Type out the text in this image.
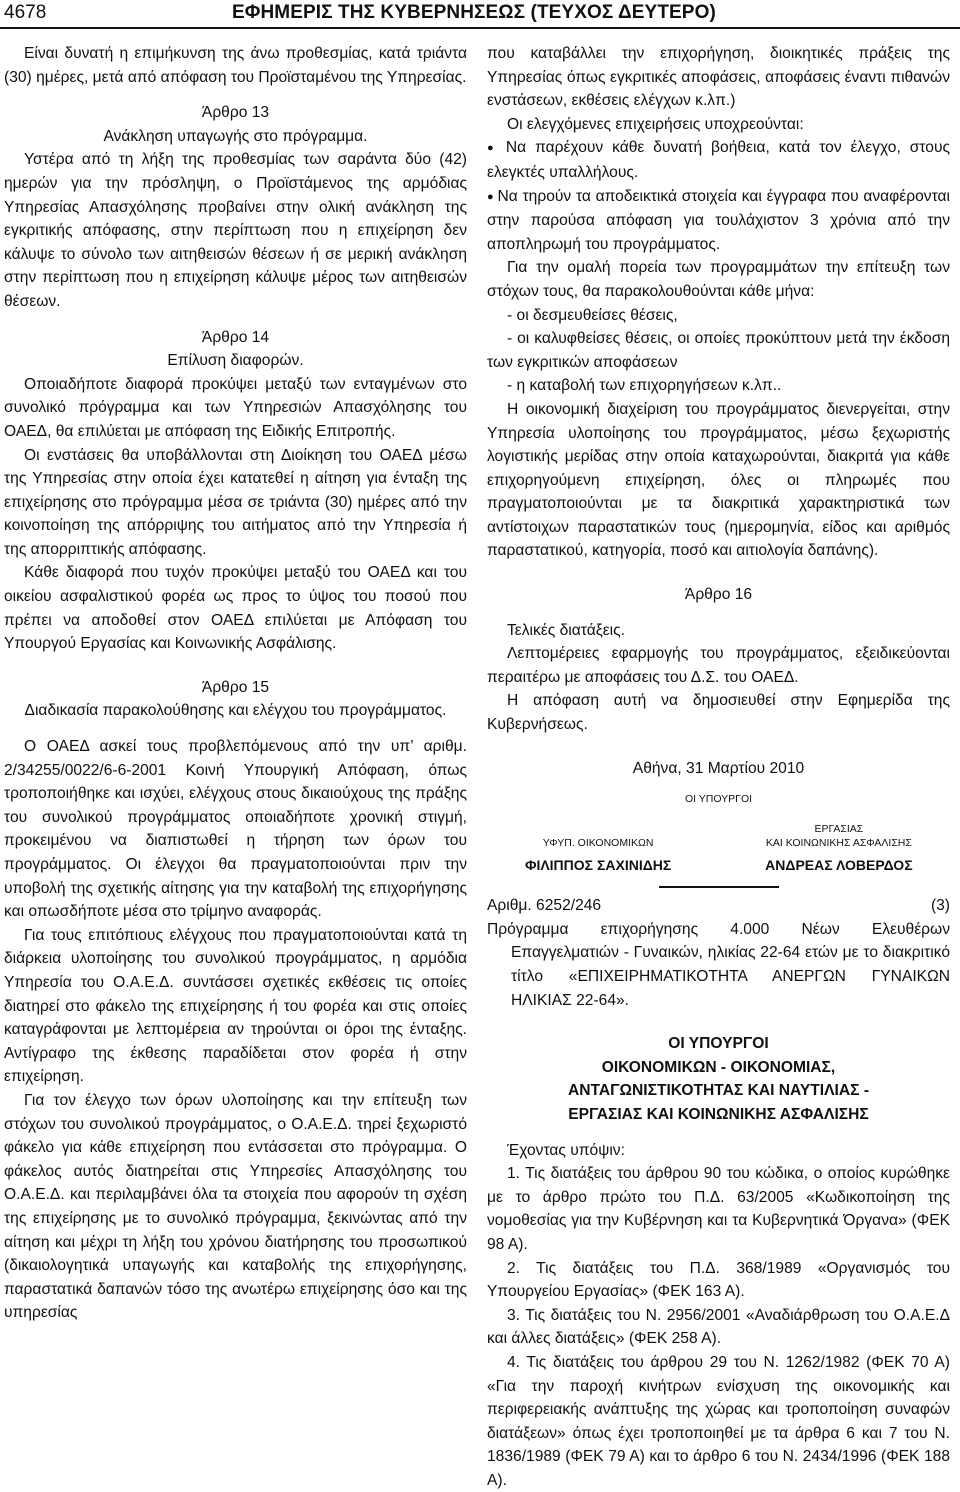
4678	ΕΦΗΜΕΡΙΣ ΤΗΣ ΚΥΒΕΡΝΗΣΕΩΣ (ΤΕΥΧΟΣ ΔΕΥΤΕΡΟ)

Είναι δυνατή η επιμήκυνση της άνω προθεσμίας, κατά τριάντα (30) ημέρες, μετά από απόφαση του Προϊσταμένου της Υπηρεσίας.

Άρθρο 13

Ανάκληση υπαγωγής στο πρόγραμμα.

Υστέρα από τη λήξη της προθεσμίας των σαράντα δύο (42) ημερών για την πρόσληψη, ο Προϊστάμενος της αρμόδιας Υπηρεσίας Απασχόλησης προβαίνει στην ολική ανάκληση της εγκριτικής απόφασης, στην περίπτωση που η επιχείρηση δεν κάλυψε το σύνολο των αιτηθεισών θέσεων ή σε μερική ανάκληση στην περίπτωση που η επιχείρηση κάλυψε μέρος των αιτηθεισών θέσεων.

Άρθρο 14

Επίλυση διαφορών.

Οποιαδήποτε διαφορά προκύψει μεταξύ των ενταγμένων στο συνολικό πρόγραμμα και των Υπηρεσιών Απασχόλησης του ΟΑΕΔ, θα επιλύεται με απόφαση της Ειδικής Επιτροπής.

Οι ενστάσεις θα υποβάλλονται στη Διοίκηση του ΟΑΕΔ μέσω της Υπηρεσίας στην οποία έχει κατατεθεί η αίτηση για ένταξη της επιχείρησης στο πρόγραμμα μέσα σε τριάντα (30) ημέρες από την κοινοποίηση της απόρριψης του αιτήματος από την Υπηρεσία ή της απορριπτικής απόφασης.

Κάθε διαφορά που τυχόν προκύψει μεταξύ του ΟΑΕΔ και του οικείου ασφαλιστικού φορέα ως προς το ύψος του ποσού που πρέπει να αποδοθεί στον ΟΑΕΔ επιλύεται με Απόφαση του Υπουργού Εργασίας και Κοινωνικής Ασφάλισης.

Άρθρο 15

Διαδικασία παρακολούθησης και ελέγχου του προγράμματος.

Ο ΟΑΕΔ ασκεί τους προβλεπόμενους από την υπ’ αριθμ. 2/34255/0022/6-6-2001 Κοινή Υπουργική Απόφαση, όπως τροποποιήθηκε και ισχύει, ελέγχους στους δικαιούχους της πράξης του συνολικού προγράμματος οποιαδήποτε χρονική στιγμή, προκειμένου να διαπιστωθεί η τήρηση των όρων του προγράμματος. Οι έλεγχοι θα πραγματοποιούνται πριν την υποβολή της σχετικής αίτησης για την καταβολή της επιχορήγησης και οπωσδήποτε μέσα στο τρίμηνο αναφοράς.

Για τους επιτόπιους ελέγχους που πραγματοποιούνται κατά τη διάρκεια υλοποίησης του συνολικού προγράμματος, η αρμόδια Υπηρεσία του Ο.Α.Ε.Δ. συντάσσει σχετικές εκθέσεις τις οποίες διατηρεί στο φάκελο της επιχείρησης ή του φορέα και στις οποίες καταγράφονται με λεπτομέρεια αν τηρούνται οι όροι της ένταξης. Αντίγραφο της έκθεσης παραδίδεται στον φορέα ή στην επιχείρηση.

Για τον έλεγχο των όρων υλοποίησης και την επίτευξη των στόχων του συνολικού προγράμματος, ο Ο.Α.Ε.Δ. τηρεί ξεχωριστό φάκελο για κάθε επιχείρηση που εντάσσεται στο πρόγραμμα. Ο φάκελος αυτός διατηρείται στις Υπηρεσίες Απασχόλησης του Ο.Α.Ε.Δ. και περιλαμβάνει όλα τα στοιχεία που αφορούν τη σχέση της επιχείρησης με το συνολικό πρόγραμμα, ξεκινώντας από την αίτηση και μέχρι τη λήξη του χρόνου διατήρησης του προσωπικού (δικαιολογητικά υπαγωγής και καταβολής της επιχορήγησης, παραστατικά δαπανών τόσο της ανωτέρω επιχείρησης όσο και της υπηρεσίας

που καταβάλλει την επιχορήγηση, διοικητικές πράξεις της Υπηρεσίας όπως εγκριτικές αποφάσεις, αποφάσεις έναντι πιθανών ενστάσεων, εκθέσεις ελέγχων κ.λπ.)

Οι ελεγχόμενες επιχειρήσεις υποχρεούνται:

● Να παρέχουν κάθε δυνατή βοήθεια, κατά τον έλεγχο, στους ελεγκτές υπαλλήλους.

● Να τηρούν τα αποδεικτικά στοιχεία και έγγραφα που αναφέρονται στην παρούσα απόφαση για τουλάχιστον 3 χρόνια από την αποπληρωμή του προγράμματος.

Για την ομαλή πορεία των προγραμμάτων την επίτευξη των στόχων τους, θα παρακολουθούνται κάθε μήνα:

- οι δεσμευθείσες θέσεις,

- οι καλυφθείσες θέσεις, οι οποίες προκύπτουν μετά την έκδοση των εγκριτικών αποφάσεων

- η καταβολή των επιχορηγήσεων κ.λπ..

Η οικονομική διαχείριση του προγράμματος διενεργείται, στην Υπηρεσία υλοποίησης του προγράμματος, μέσω ξεχωριστής λογιστικής μερίδας στην οποία καταχωρούνται, διακριτά για κάθε επιχορηγούμενη επιχείρηση, όλες οι πληρωμές που πραγματοποιούνται με τα διακριτικά χαρακτηριστικά των αντίστοιχων παραστατικών τους (ημερομηνία, είδος και αριθμός παραστατικού, κατηγορία, ποσό και αιτιολογία δαπάνης).

Άρθρο 16

Τελικές διατάξεις.

Λεπτομέρειες εφαρμογής του προγράμματος, εξειδικεύονται περαιτέρω με αποφάσεις του Δ.Σ. του ΟΑΕΔ.

Η απόφαση αυτή να δημοσιευθεί στην Εφημερίδα της Κυβερνήσεως.

Αθήνα, 31 Μαρτίου 2010

ΟΙ ΥΠΟΥΡΓΟΙ

ΥΦΥΠ. ΟΙΚΟΝΟΜΙΚΩΝ
ΦΙΛΙΠΠΟΣ ΣΑΧΙΝΙΔΗΣ
ΕΡΓΑΣΙΑΣ
ΚΑΙ ΚΟΙΝΩΝΙΚΗΣ ΑΣΦΑΛΙΣΗΣ
ΑΝΔΡΕΑΣ ΛΟΒΕΡΔΟΣ
Αριθμ. 6252/246	(3)

Πρόγραμμα επιχορήγησης 4.000 Νέων Ελευθέρων Επαγγελματιών - Γυναικών, ηλικίας 22-64 ετών με το διακριτικό τίτλο «ΕΠΙΧΕΙΡΗΜΑΤΙΚΟΤΗΤΑ ΑΝΕΡΓΩΝ ΓΥΝΑΙΚΩΝ ΗΛΙΚΙΑΣ 22-64».

ΟΙ ΥΠΟΥΡΓΟΙ

ΟΙΚΟΝΟΜΙΚΩΝ - ΟΙΚΟΝΟΜΙΑΣ,

ΑΝΤΑΓΩΝΙΣΤΙΚΟΤΗΤΑΣ ΚΑΙ ΝΑΥΤΙΛΙΑΣ -

ΕΡΓΑΣΙΑΣ ΚΑΙ ΚΟΙΝΩΝΙΚΗΣ ΑΣΦΑΛΙΣΗΣ

Έχοντας υπόψιν:

1. Τις διατάξεις του άρθρου 90 του κώδικα, ο οποίος κυρώθηκε με το άρθρο πρώτο του Π.Δ. 63/2005 «Κωδικοποίηση της νομοθεσίας για την Κυβέρνηση και τα Κυβερνητικά Όργανα» (ΦΕΚ 98 Α).

2. Τις διατάξεις του Π.Δ. 368/1989 «Οργανισμός του Υπουργείου Εργασίας» (ΦΕΚ 163 Α).

3. Τις διατάξεις του Ν. 2956/2001 «Αναδιάρθρωση του Ο.Α.Ε.Δ και άλλες διατάξεις» (ΦΕΚ 258 Α).

4. Τις διατάξεις του άρθρου 29 του Ν. 1262/1982 (ΦΕΚ 70 Α) «Για την παροχή κινήτρων ενίσχυση της οικονομικής και περιφερειακής ανάπτυξης της χώρας και τροποποίηση συναφών διατάξεων» όπως έχει τροποποιηθεί με τα άρθρα 6 και 7 του Ν. 1836/1989 (ΦΕΚ 79 Α) και το άρθρο 6 του Ν. 2434/1996 (ΦΕΚ 188 Α).
